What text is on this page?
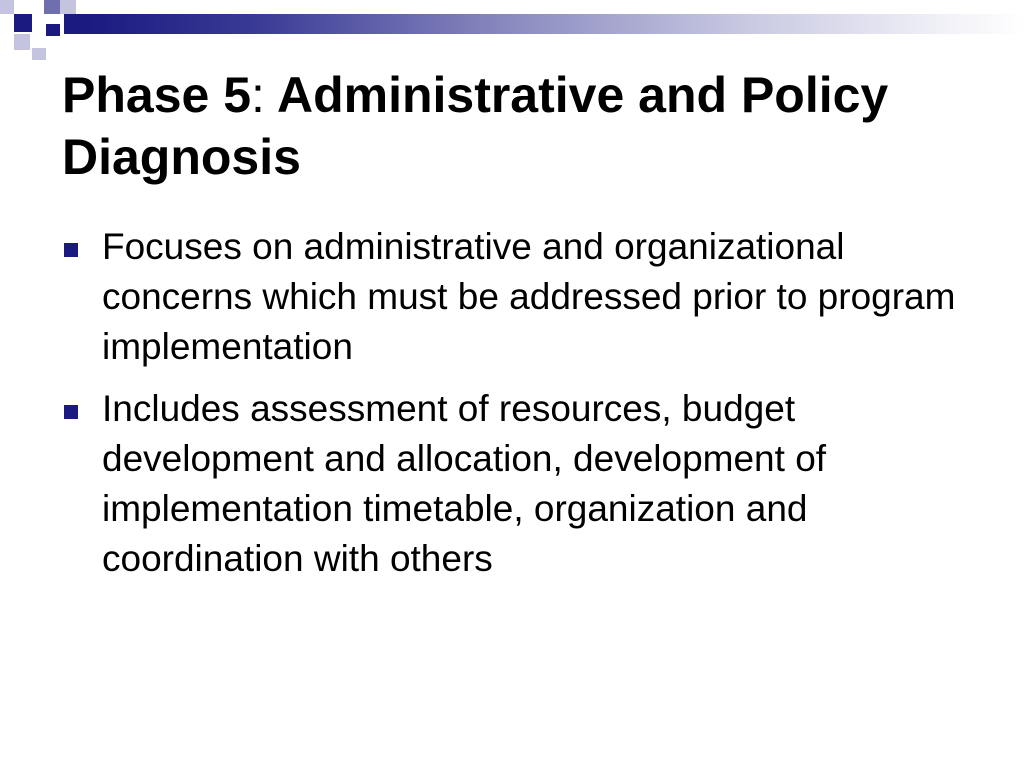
Phase 5: Administrative and Policy Diagnosis
Focuses on administrative and organizational concerns which must be addressed prior to program implementation
Includes assessment of resources, budget development and allocation, development of implementation timetable, organization and coordination with others
